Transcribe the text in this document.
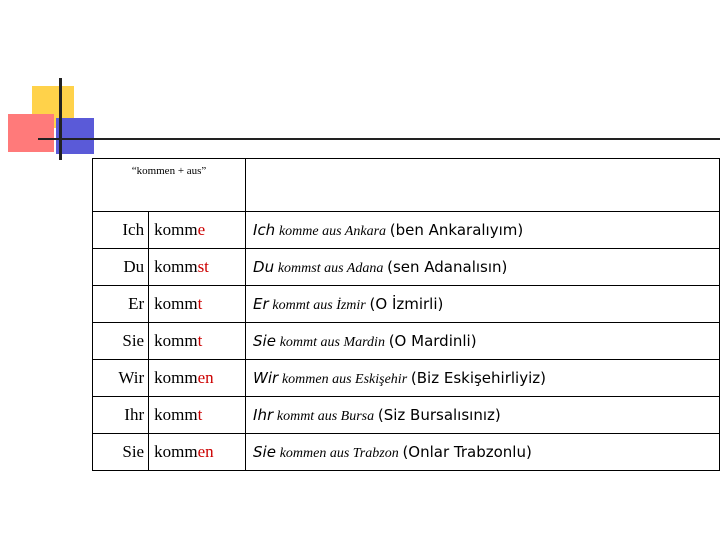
“kommen + aus”		
Ich	komme	Ich komme aus Ankara (ben Ankaralıyım)
Du	kommst	Du kommst aus Adana (sen Adanalısın)
Er	kommt	Er kommt aus İzmir (O İzmirli)
Sie	kommt	Sie kommt aus Mardin (O Mardinli)
Wir	kommen	Wir kommen aus Eskişehir (Biz Eskişehirliyiz)
Ihr	kommt	Ihr kommt aus Bursa (Siz Bursalısınız)
Sie	kommen	Sie kommen aus Trabzon (Onlar Trabzonlu)
